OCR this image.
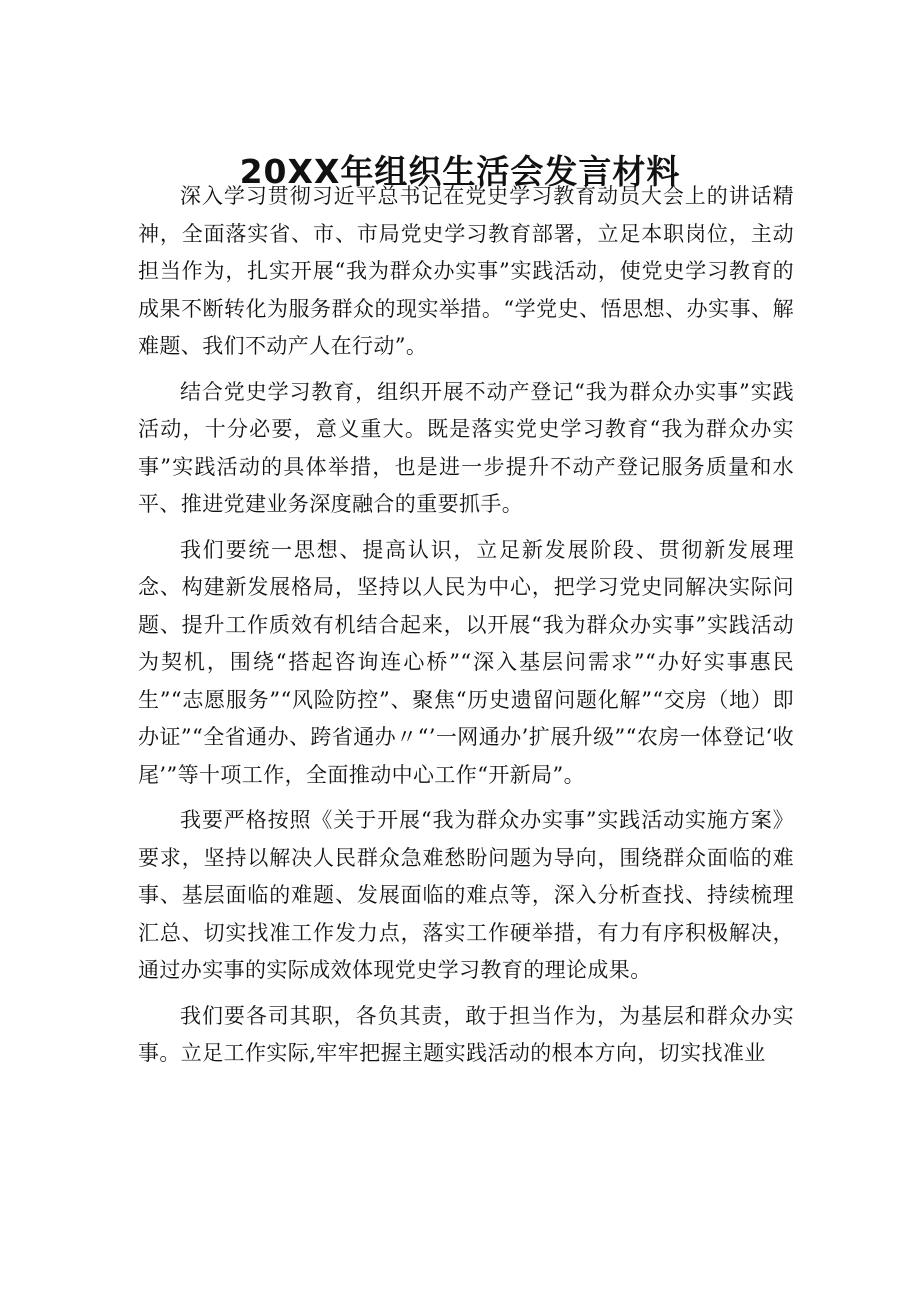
20XX年组织生活会发言材料

深入学习贯彻习近平总书记在党史学习教育动员大会上的讲话精神，全面落实省、市、市局党史学习教育部署，立足本职岗位，主动担当作为，扎实开展“我为群众办实事”实践活动，使党史学习教育的成果不断转化为服务群众的现实举措。“学党史、悟思想、办实事、解难题、我们不动产人在行动”。

结合党史学习教育，组织开展不动产登记“我为群众办实事”实践活动，十分必要，意义重大。既是落实党史学习教育“我为群众办实事”实践活动的具体举措，也是进一步提升不动产登记服务质量和水平、推进党建业务深度融合的重要抓手。

我们要统一思想、提高认识，立足新发展阶段、贯彻新发展理念、构建新发展格局，坚持以人民为中心，把学习党史同解决实际问题、提升工作质效有机结合起来，以开展“我为群众办实事”实践活动为契机，围绕“搭起咨询连心桥”“深入基层问需求”“办好实事惠民生”“志愿服务”“风险防控”、聚焦“历史遗留问题化解”“交房（地）即办证”“全省通办、跨省通办〃“’一网通办’扩展升级”“农房一体登记‘收尾’”等十项工作，全面推动中心工作“开新局”。

我要严格按照《关于开展“我为群众办实事”实践活动实施方案》要求，坚持以解决人民群众急难愁盼问题为导向，围绕群众面临的难事、基层面临的难题、发展面临的难点等，深入分析查找、持续梳理汇总、切实找准工作发力点，落实工作硬举措，有力有序积极解决，通过办实事的实际成效体现党史学习教育的理论成果。

我们要各司其职，各负其责，敢于担当作为，为基层和群众办实事。立足工作实际,牢牢把握主题实践活动的根本方向，切实找准业
